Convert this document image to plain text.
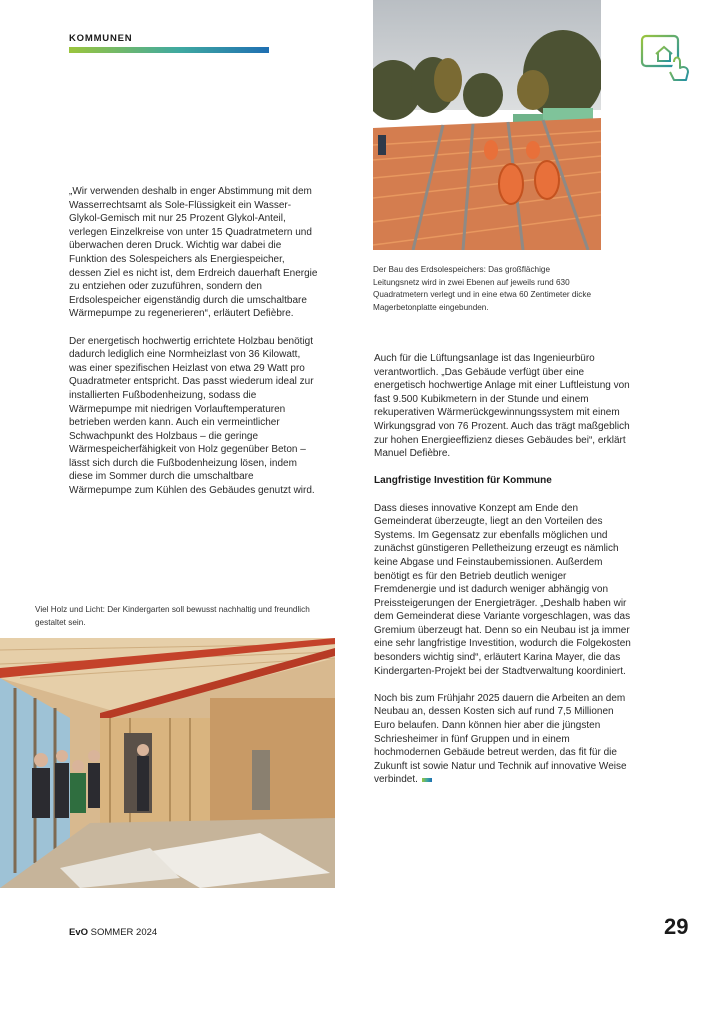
KOMMUNEN
Der Bau des Erdsolespeichers: Das großflächige Leitungsnetz wird in zwei Ebenen auf jeweils rund 630 Quadratmetern verlegt und in eine etwa 60 Zentimeter dicke Magerbetonplatte eingebunden.

„Wir verwenden deshalb in enger Abstimmung mit dem Wasserrechtsamt als Sole-Flüssigkeit ein Wasser-Glykol-Gemisch mit nur 25 Prozent Glykol-Anteil, verlegen Einzelkreise von unter 15 Quadratmetern und überwachen deren Druck. Wichtig war dabei die Funktion des Solespeichers als Energiespeicher, dessen Ziel es nicht ist, dem Erdreich dauerhaft Energie zu entziehen oder zuzuführen, sondern den Erdsolespeicher eigenständig durch die umschaltbare Wärmepumpe zu regenerieren“, erläutert Defièbre.

Der energetisch hochwertig errichtete Holzbau benötigt dadurch lediglich eine Normheizlast von 36 Kilowatt, was einer spezifischen Heizlast von etwa 29 Watt pro Quadratmeter entspricht. Das passt wiederum ideal zur installierten Fußbodenheizung, sodass die Wärmepumpe mit niedrigen Vorlauftemperaturen betrieben werden kann. Auch ein vermeintlicher Schwachpunkt des Holzbaus – die geringe Wärmespeicherfähigkeit von Holz gegenüber Beton – lässt sich durch die Fußbodenheizung lösen, indem diese im Sommer durch die umschaltbare Wärmepumpe zum Kühlen des Gebäudes genutzt wird.

Auch für die Lüftungsanlage ist das Ingenieurbüro verantwortlich. „Das Gebäude verfügt über eine energetisch hochwertige Anlage mit einer Luftleistung von fast 9.500 Kubikmetern in der Stunde und einem rekuperativen Wärmerückgewinnungssystem mit einem Wirkungsgrad von 76 Prozent. Auch das trägt maßgeblich zur hohen Energieeffizienz dieses Gebäudes bei“, erklärt Manuel Defièbre.

Langfristige Investition für Kommune

Dass dieses innovative Konzept am Ende den Gemeinderat überzeugte, liegt an den Vorteilen des Systems. Im Gegensatz zur ebenfalls möglichen und zunächst günstigeren Pelletheizung erzeugt es nämlich keine Abgase und Feinstaubemissionen. Außerdem benötigt es für den Betrieb deutlich weniger Fremdenergie und ist dadurch weniger abhängig von Preissteigerungen der Energieträger. „Deshalb haben wir dem Gemeinderat diese Variante vorgeschlagen, was das Gremium überzeugt hat. Denn so ein Neubau ist ja immer eine sehr langfristige Investition, wodurch die Folgekosten besonders wichtig sind“, erläutert Karina Mayer, die das Kindergarten-Projekt bei der Stadtverwaltung koordiniert.

Noch bis zum Frühjahr 2025 dauern die Arbeiten an dem Neubau an, dessen Kosten sich auf rund 7,5 Millionen Euro belaufen. Dann können hier aber die jüngsten Schriesheimer in fünf Gruppen und in einem hochmodernen Gebäude betreut werden, das fit für die Zukunft ist sowie Natur und Technik auf innovative Weise verbindet.

Viel Holz und Licht: Der Kindergarten soll bewusst nachhaltig und freundlich gestaltet sein.
EvO SOMMER 2024	29
